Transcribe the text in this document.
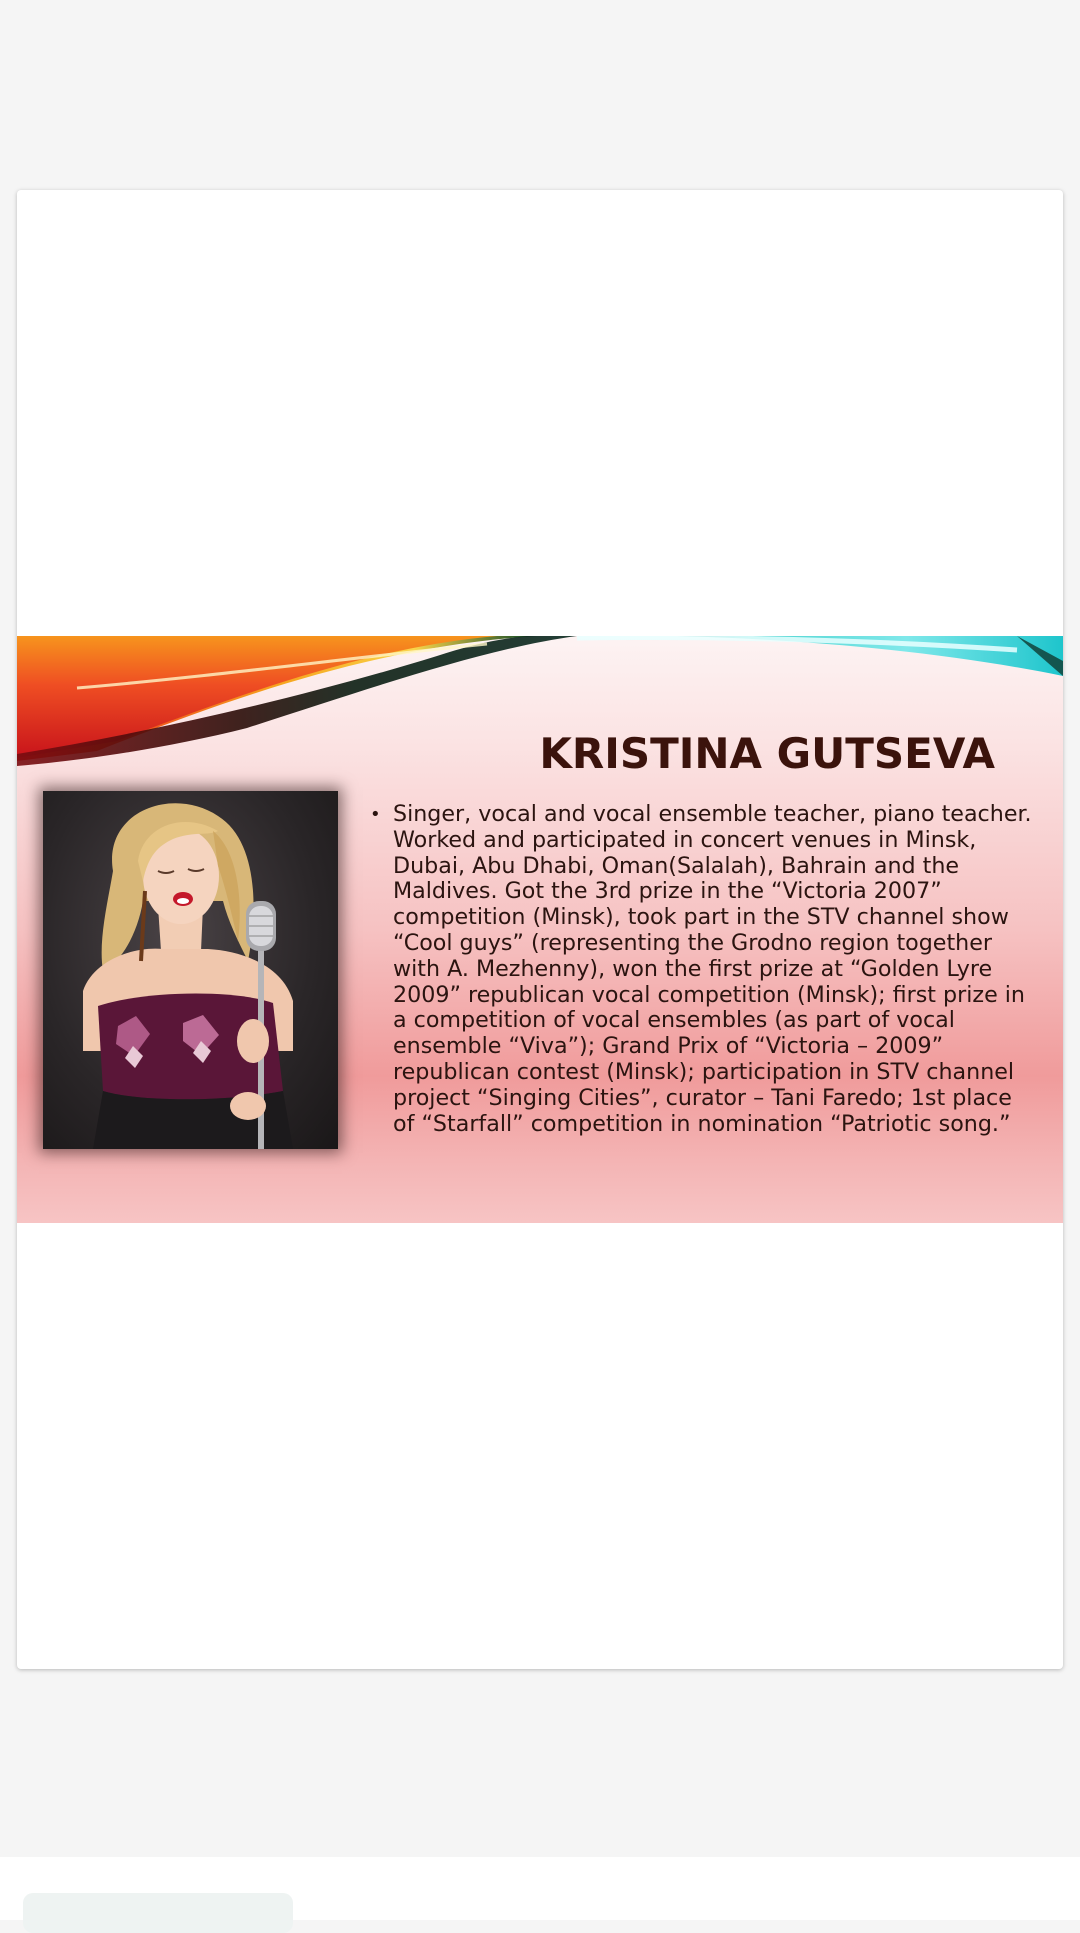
KRISTINA GUTSEVA
• Singer, vocal and vocal ensemble teacher, piano teacher. Worked and participated in concert venues in Minsk, Dubai, Abu Dhabi, Oman(Salalah), Bahrain and the Maldives. Got the 3rd prize in the “Victoria 2007” competition (Minsk), took part in the STV channel show “Cool guys” (representing the Grodno region together with A. Mezhenny), won the first prize at “Golden Lyre 2009” republican vocal competition (Minsk); first prize in a competition of vocal ensembles (as part of vocal ensemble “Viva”); Grand Prix of “Victoria – 2009” republican contest (Minsk); participation in STV channel project “Singing Cities”, curator – Tani Faredo; 1st place of “Starfall” competition in nomination “Patriotic song.”
